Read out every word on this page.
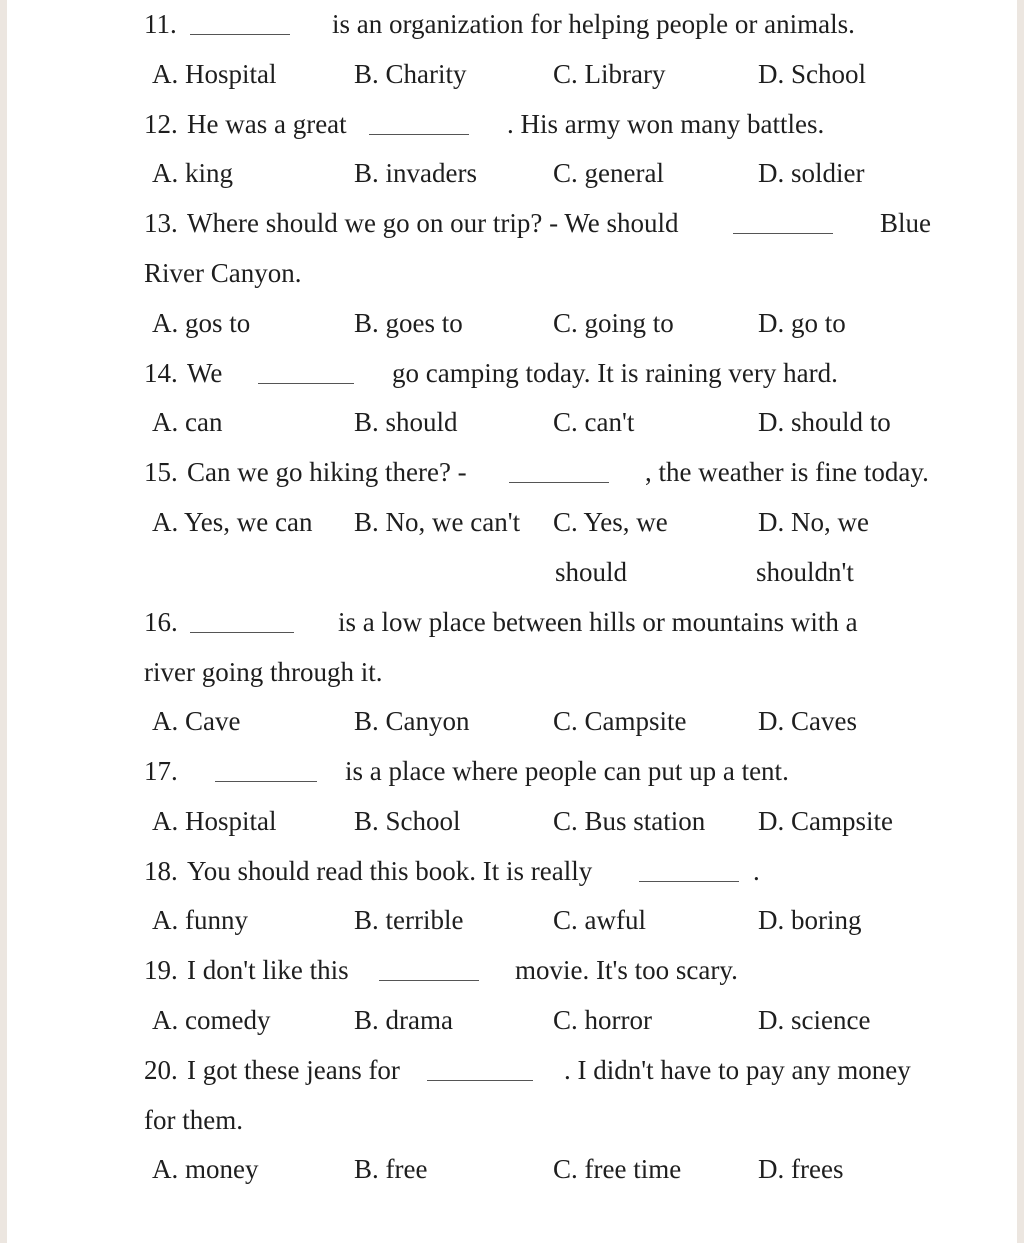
11.	is an organization for helping people or animals.
A. Hospital	B. Charity	C. Library	D. School
12. He was a great	. His army won many battles.
A. king	B. invaders	C. general	D. soldier
13. Where should we go on our trip? - We should	Blue
River Canyon.
A. gos to	B. goes to	C. going to	D. go to
14. We	go camping today. It is raining very hard.
A. can	B. should	C. can't	D. should to
15. Can we go hiking there? -	, the weather is fine today.
A. Yes, we can B. No, we can't C. Yes, we	D. No, we
should	shouldn't
16.	is a low place between hills or mountains with a
river going through it.
A. Cave	B. Canyon	C. Campsite	D. Caves
17.	is a place where people can put up a tent.
A. Hospital	B. School	C. Bus station D. Campsite
18. You should read this book. It is really	.
A. funny	B. terrible	C. awful	D. boring
19. I don't like this	movie. It's too scary.
A. comedy	B. drama	C. horror	D. science
20. I got these jeans for	. I didn't have to pay any money
for them.
A. money	B. free	C. free time	D. frees
